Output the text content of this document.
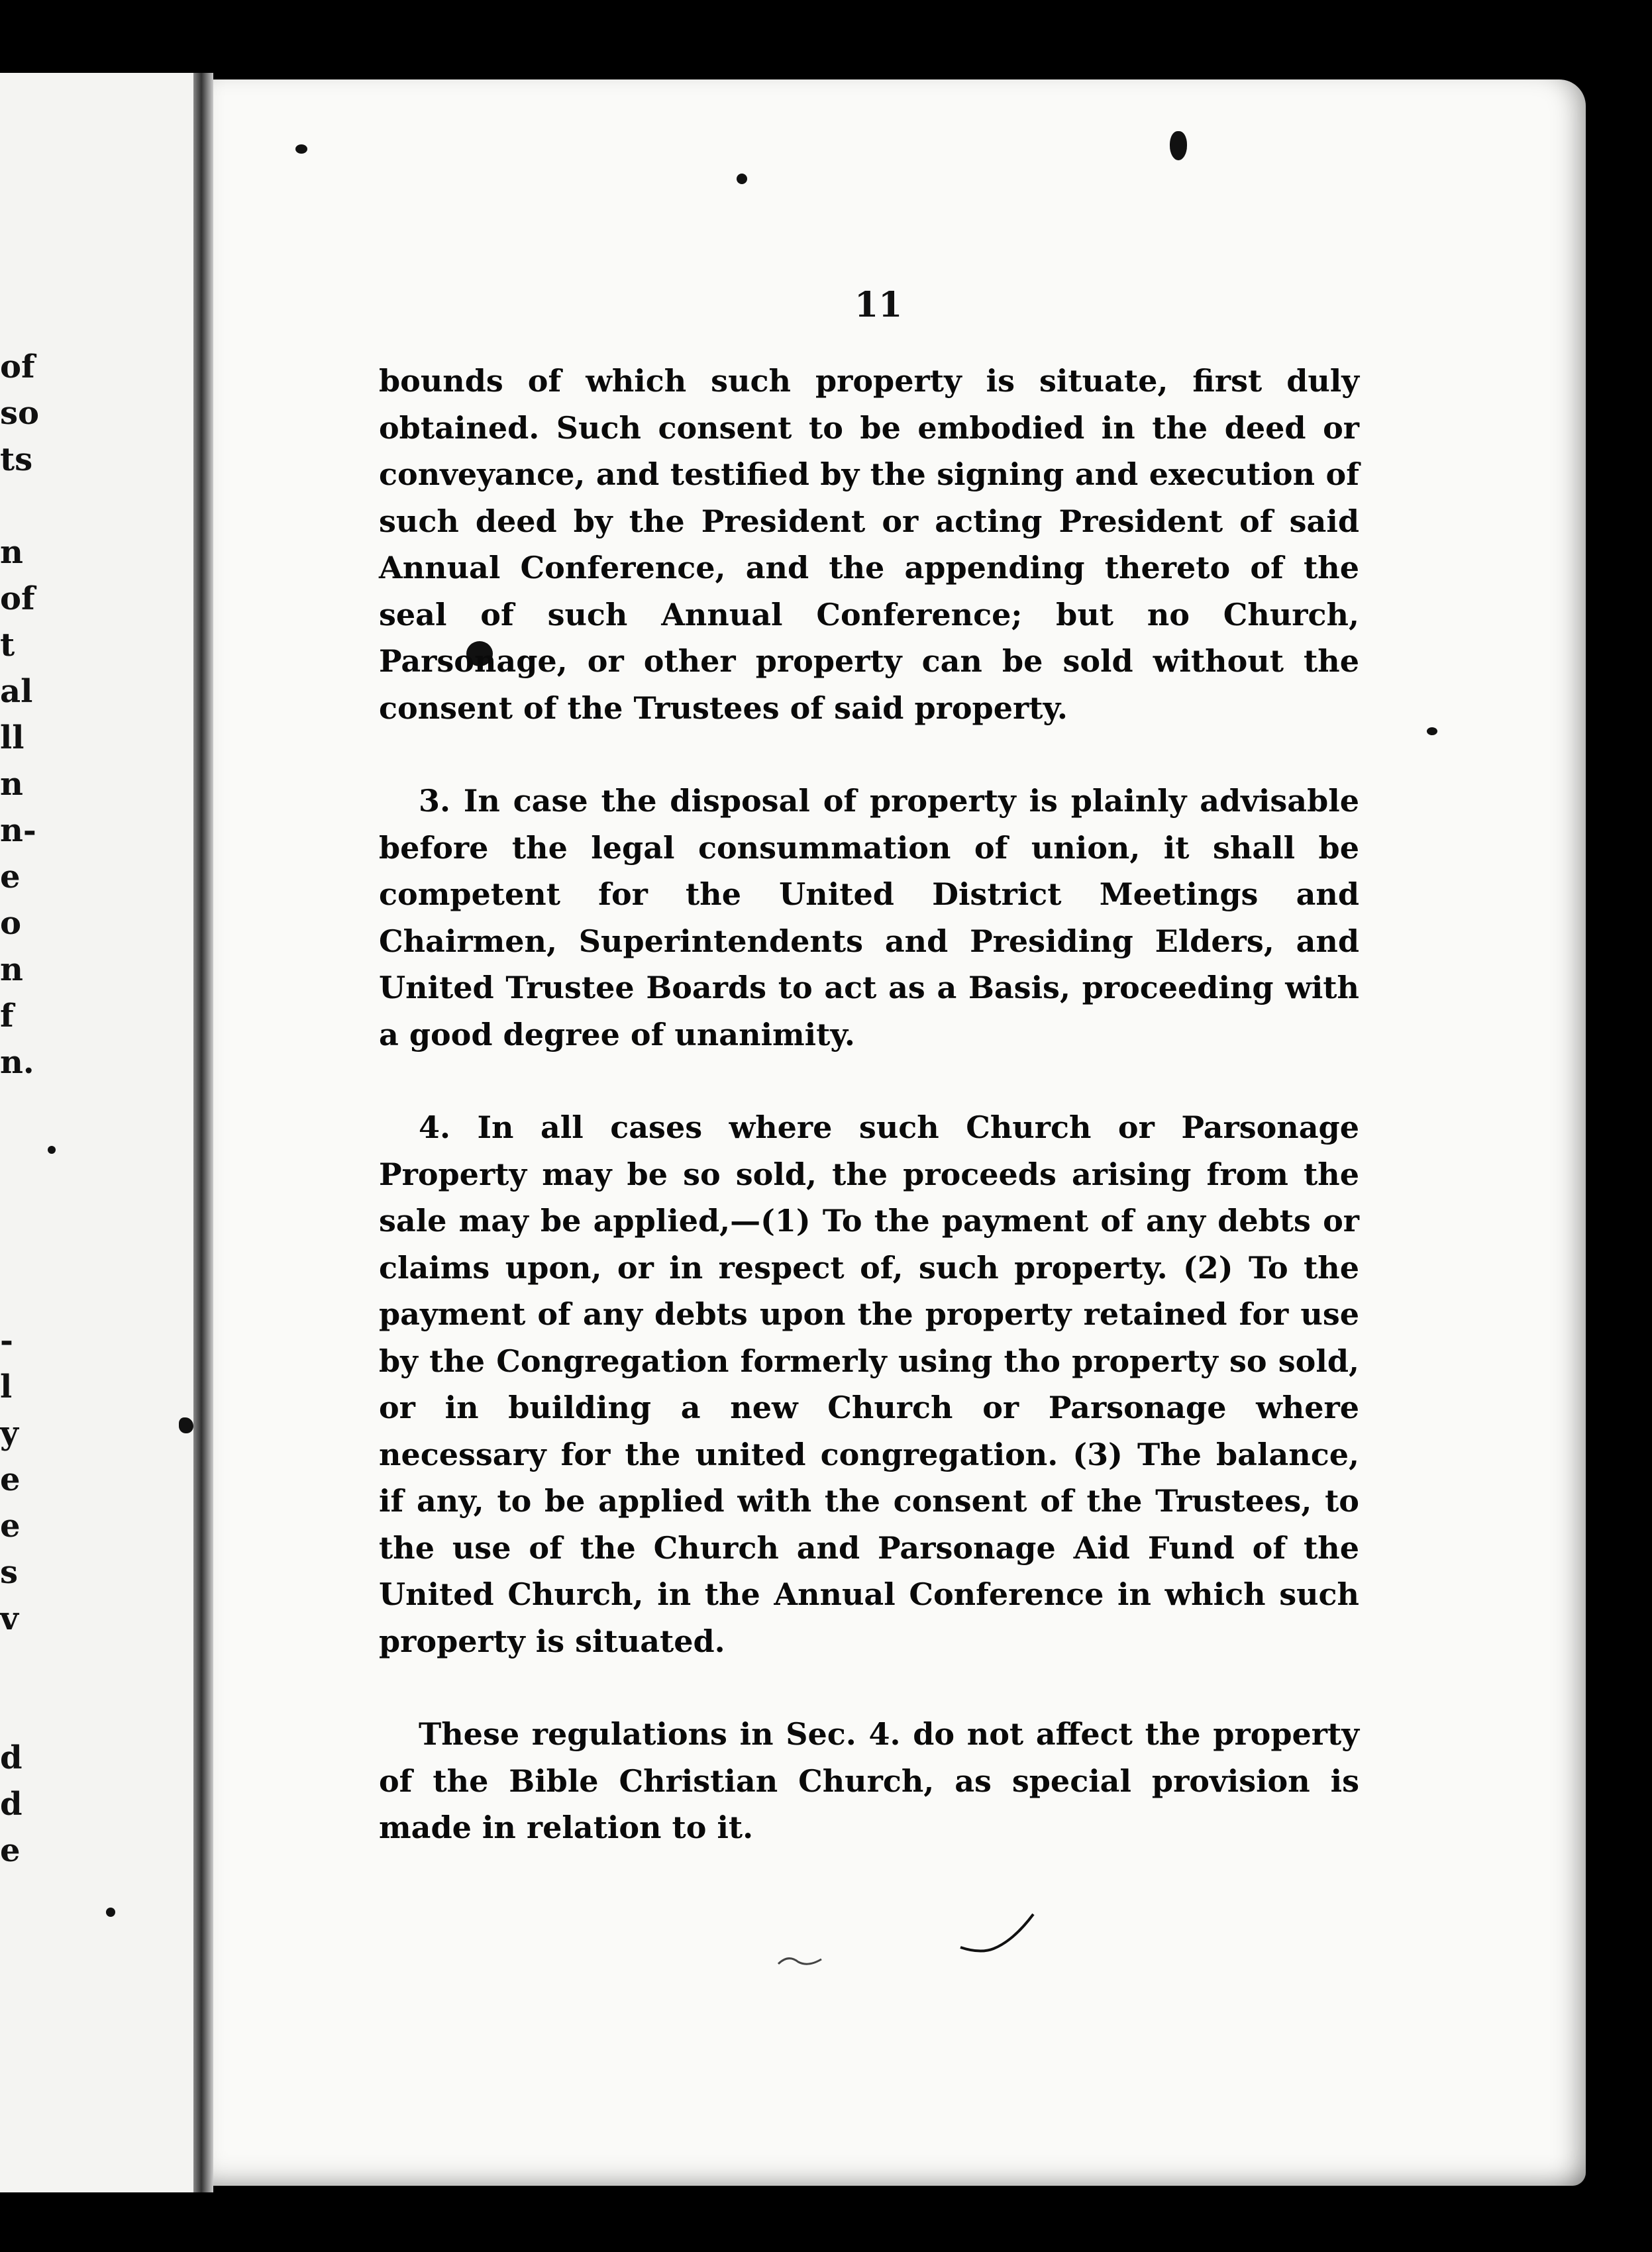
of
so
ts
n
of
t
al
ll
n
n-
e
o
n
f
n.
-
l
y
e
e
s
v
d
d
e
11

bounds of which such property is situate, first duly obtained. Such consent to be embodied in the deed or conveyance, and testified by the signing and execution of such deed by the President or acting President of said Annual Conference, and the appending thereto of the seal of such Annual Conference; but no Church, Parsonage, or other property can be sold without the consent of the Trustees of said property.

3. In case the disposal of property is plainly advisable before the legal consummation of union, it shall be competent for the United District Meetings and Chairmen, Superintendents and Presiding Elders, and United Trustee Boards to act as a Basis, proceeding with a good degree of unanimity.

4. In all cases where such Church or Parsonage Property may be so sold, the proceeds arising from the sale may be applied,—(1) To the payment of any debts or claims upon, or in respect of, such property. (2) To the payment of any debts upon the property retained for use by the Congregation formerly using tho property so sold, or in building a new Church or Parsonage where necessary for the united congregation. (3) The balance, if any, to be applied with the consent of the Trustees, to the use of the Church and Parsonage Aid Fund of the United Church, in the Annual Conference in which such property is situated.

These regulations in Sec. 4. do not affect the property of the Bible Christian Church, as special provision is made in relation to it.
